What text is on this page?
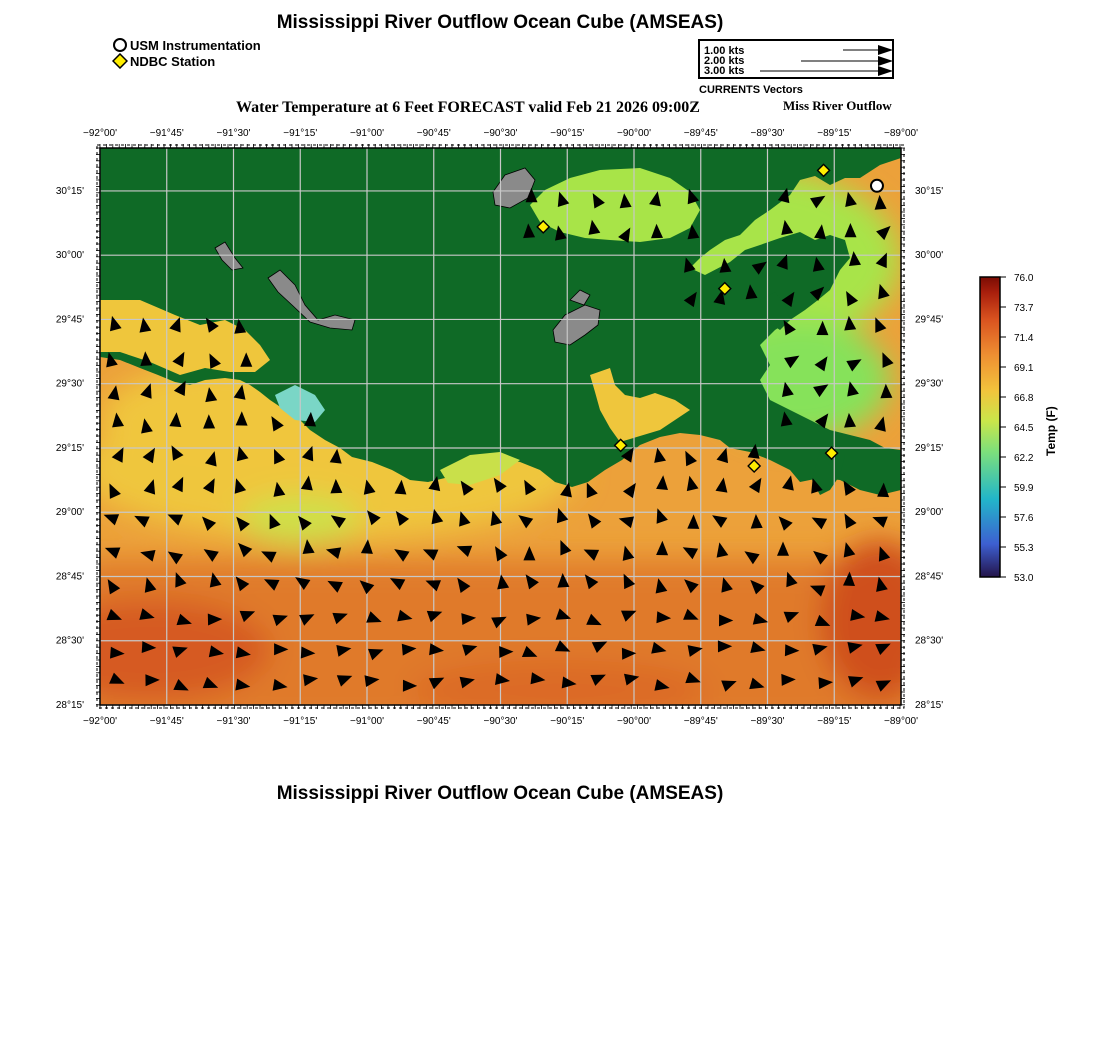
Mississippi River Outflow Ocean Cube (AMSEAS)
USM Instrumentation
NDBC Station
1.00 kts
2.00 kts
3.00 kts
CURRENTS Vectors
Water Temperature at 6 Feet FORECAST valid Feb 21 2026 09:00Z	Miss River Outflow
−92°00'
−92°00'
−91°45'
−91°45'
−91°30'
−91°30'
−91°15'
−91°15'
−91°00'
−91°00'
−90°45'
−90°45'
−90°30'
−90°30'
−90°15'
−90°15'
−90°00'
−90°00'
−89°45'
−89°45'
−89°30'
−89°30'
−89°15'
−89°15'
−89°00'
−89°00'
30°15'	30°15'
30°00'	30°00'
29°45'	29°45'
29°30'	29°30'
29°15'	29°15'
29°00'	29°00'
28°45'	28°45'
28°30'	28°30'
28°15'	28°15'
Mississippi River Outflow Ocean Cube (AMSEAS)
76.0
73.7
71.4
69.1
66.8
64.5
62.2
59.9
57.6
55.3
53.0
Temp (F)
